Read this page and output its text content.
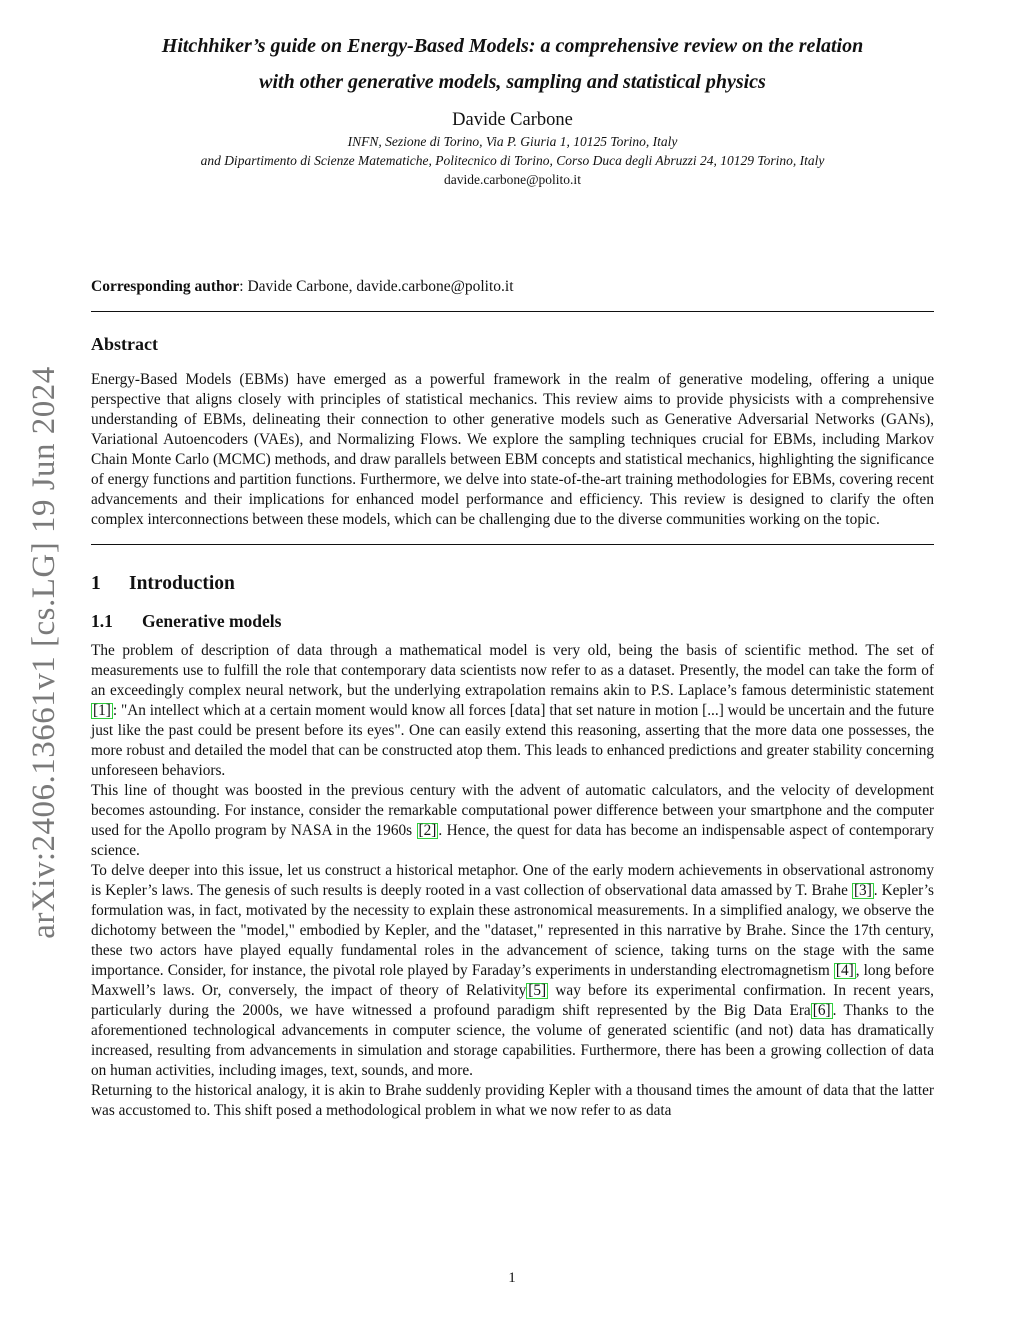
arXiv:2406.13661v1 [cs.LG] 19 Jun 2024
Hitchhiker’s guide on Energy-Based Models: a comprehensive review on the relation
with other generative models, sampling and statistical physics
Davide Carbone
INFN, Sezione di Torino, Via P. Giuria 1, 10125 Torino, Italy
and Dipartimento di Scienze Matematiche, Politecnico di Torino, Corso Duca degli Abruzzi 24, 10129 Torino, Italy
davide.carbone@polito.it
Corresponding author: Davide Carbone, davide.carbone@polito.it
Abstract

Energy-Based Models (EBMs) have emerged as a powerful framework in the realm of generative modeling, offering a unique perspective that aligns closely with principles of statistical mechanics. This review aims to provide physicists with a comprehensive understanding of EBMs, delineating their connection to other generative models such as Generative Adversarial Networks (GANs), Variational Autoencoders (VAEs), and Normalizing Flows. We explore the sampling techniques crucial for EBMs, including Markov Chain Monte Carlo (MCMC) methods, and draw parallels between EBM concepts and statistical mechanics, highlighting the significance of energy functions and partition functions. Furthermore, we delve into state-of-the-art training methodologies for EBMs, covering recent advancements and their implications for enhanced model performance and efficiency. This review is designed to clarify the often complex interconnections between these models, which can be challenging due to the diverse communities working on the topic.

1 Introduction
1.1 Generative models

The problem of description of data through a mathematical model is very old, being the basis of scientific method. The set of measurements use to fulfill the role that contemporary data scientists now refer to as a dataset. Presently, the model can take the form of an exceedingly complex neural network, but the underlying extrapolation remains akin to P.S. Laplace’s famous deterministic statement[1] : "An intellect which at a certain moment would know all forces [data] that set nature in motion [...] would be uncertain and the future just like the past could be present before its eyes". One can easily extend this reasoning, asserting that the more data one possesses, the more robust and detailed the model that can be constructed atop them. This leads to enhanced predictions and greater stability concerning unforeseen behaviors.

This line of thought was boosted in the previous century with the advent of automatic calculators, and the velocity of development becomes astounding. For instance, consider the remarkable computational power difference between your smartphone and the computer used for the Apollo program by NASA in the 1960s [2] . Hence, the quest for data has become an indispensable aspect of contemporary science.

To delve deeper into this issue, let us construct a historical metaphor. One of the early modern achievements in observational astronomy is Kepler’s laws. The genesis of such results is deeply rooted in a vast collection of observational data amassed by T. Brahe [3] . Kepler’s formulation was, in fact, motivated by the necessity to explain these astronomical measurements. In a simplified analogy, we observe the dichotomy between the "model," embodied by Kepler, and the "dataset," represented in this narrative by Brahe. Since the 17th century, these two actors have played equally fundamental roles in the advancement of science, taking turns on the stage with the same importance. Consider, for instance, the pivotal role played by Faraday’s experiments in understanding electromagnetism [4] , long before Maxwell’s laws. Or, conversely, the impact of theory of Relativity [5] way before its experimental confirmation. In recent years, particularly during the 2000s, we have witnessed a profound paradigm shift represented by the Big Data Era [6] . Thanks to the aforementioned technological advancements in computer science, the volume of generated scientific (and not) data has dramatically increased, resulting from advancements in simulation and storage capabilities. Furthermore, there has been a growing collection of data on human activities, including images, text, sounds, and more.

Returning to the historical analogy, it is akin to Brahe suddenly providing Kepler with a thousand times the amount of data that the latter was accustomed to. This shift posed a methodological problem in what we now refer to as data

1
